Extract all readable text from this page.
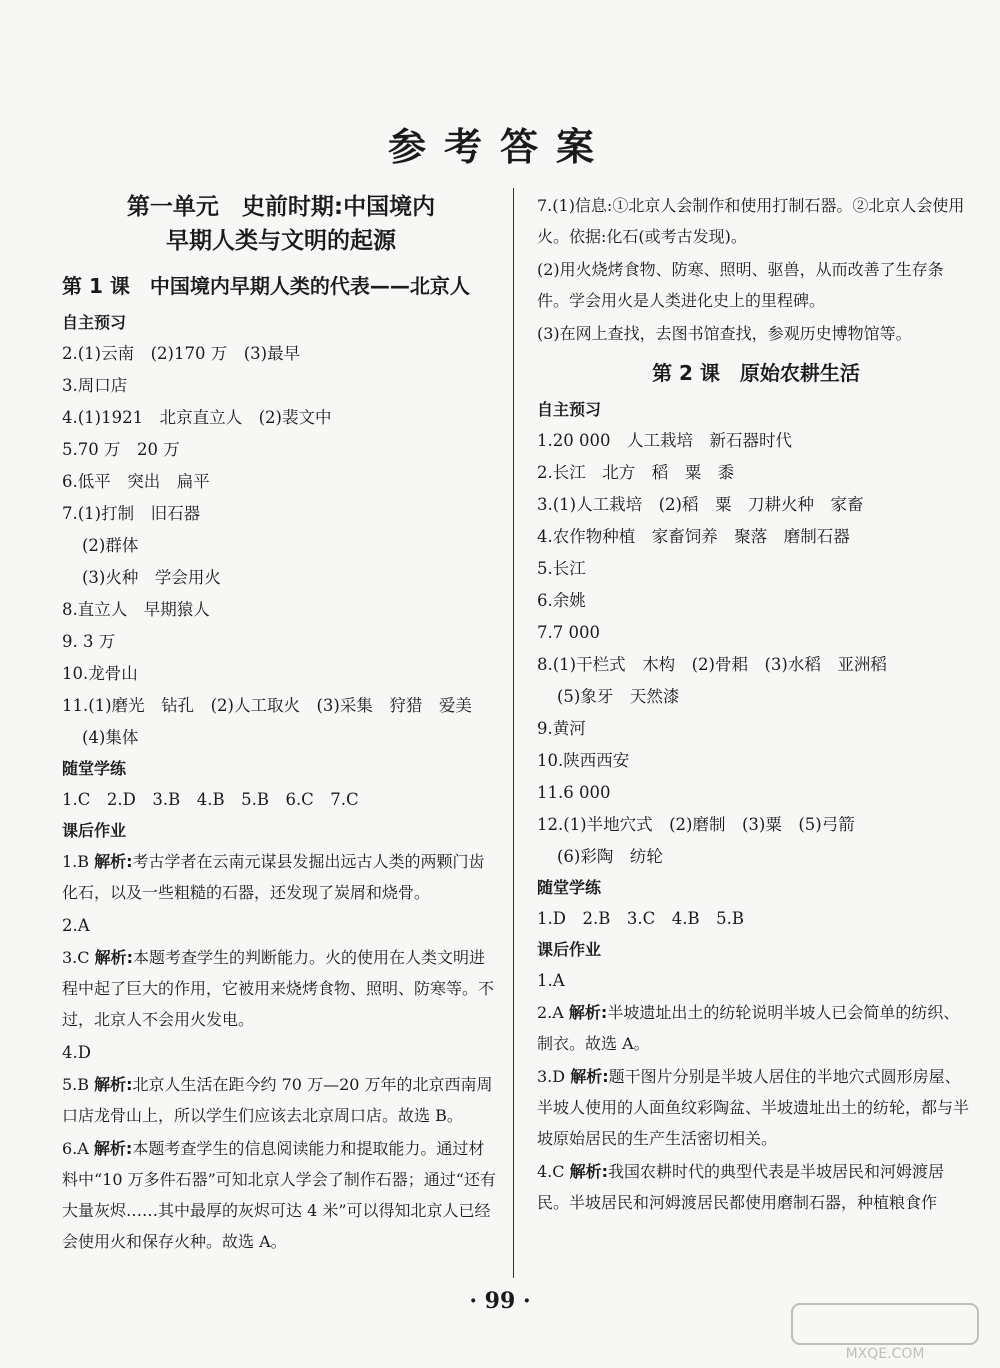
参考答案
第一单元　史前时期:中国境内
早期人类与文明的起源
第 1 课　中国境内早期人类的代表——北京人
自主预习
2.(1)云南　(2)170 万　(3)最早
3.周口店
4.(1)1921　北京直立人　(2)裴文中
5.70 万　20 万
6.低平　突出　扁平
7.(1)打制　旧石器
(2)群体
(3)火种　学会用火
8.直立人　早期猿人
9. 3 万
10.龙骨山
11.(1)磨光　钻孔　(2)人工取火　(3)采集　狩猎　爱美
(4)集体
随堂学练
1.C　2.D　3.B　4.B　5.B　6.C　7.C
课后作业
1.B 解析:考古学者在云南元谋县发掘出远古人类的两颗门齿化石，以及一些粗糙的石器，还发现了炭屑和烧骨。
2.A
3.C 解析:本题考查学生的判断能力。火的使用在人类文明进程中起了巨大的作用，它被用来烧烤食物、照明、防寒等。不过，北京人不会用火发电。
4.D
5.B 解析:北京人生活在距今约 70 万—20 万年的北京西南周口店龙骨山上，所以学生们应该去北京周口店。故选 B。
6.A 解析:本题考查学生的信息阅读能力和提取能力。通过材料中“10 万多件石器”可知北京人学会了制作石器；通过“还有大量灰烬……其中最厚的灰烬可达 4 米”可以得知北京人已经会使用火和保存火种。故选 A。
7.(1)信息:①北京人会制作和使用打制石器。②北京人会使用火。依据:化石(或考古发现)。
(2)用火烧烤食物、防寒、照明、驱兽，从而改善了生存条件。学会用火是人类进化史上的里程碑。
(3)在网上查找，去图书馆查找，参观历史博物馆等。
第 2 课　原始农耕生活
自主预习
1.20 000　人工栽培　新石器时代
2.长江　北方　稻　粟　黍
3.(1)人工栽培　(2)稻　粟　刀耕火种　家畜
4.农作物种植　家畜饲养　聚落　磨制石器
5.长江
6.余姚
7.7 000
8.(1)干栏式　木构　(2)骨耜　(3)水稻　亚洲稻
(5)象牙　天然漆
9.黄河
10.陕西西安
11.6 000
12.(1)半地穴式　(2)磨制　(3)粟　(5)弓箭
(6)彩陶　纺轮
随堂学练
1.D　2.B　3.C　4.B　5.B
课后作业
1.A
2.A 解析:半坡遗址出土的纺轮说明半坡人已会简单的纺织、制衣。故选 A。
3.D 解析:题干图片分别是半坡人居住的半地穴式圆形房屋、半坡人使用的人面鱼纹彩陶盆、半坡遗址出土的纺轮，都与半坡原始居民的生产生活密切相关。
4.C 解析:我国农耕时代的典型代表是半坡居民和河姆渡居民。半坡居民和河姆渡居民都使用磨制石器，种植粮食作
· 99 ·
MXQE.COM
